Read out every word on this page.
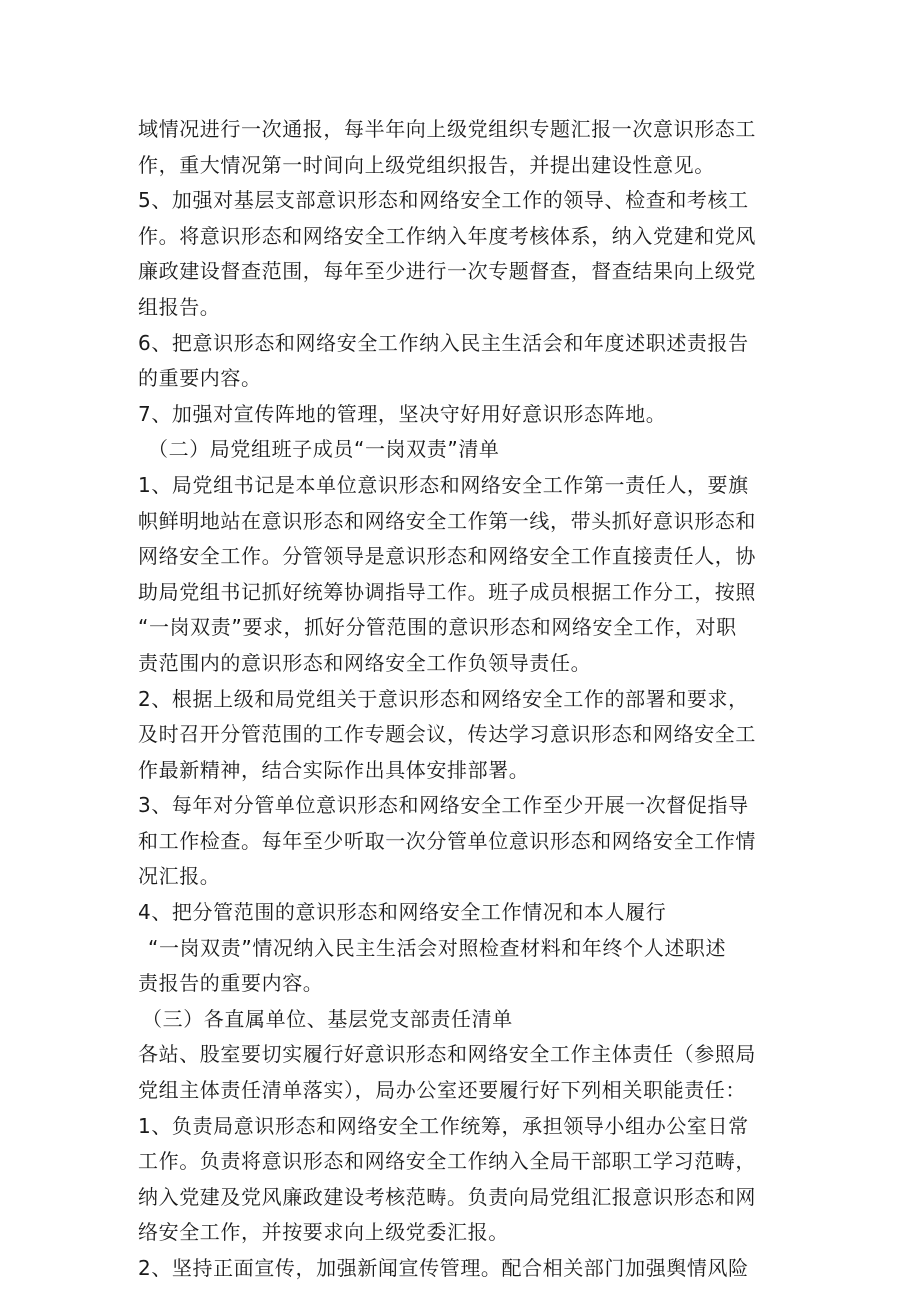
域情况进行一次通报，每半年向上级党组织专题汇报一次意识形态工
作，重大情况第一时间向上级党组织报告，并提出建设性意见。
5、加强对基层支部意识形态和网络安全工作的领导、检查和考核工
作。将意识形态和网络安全工作纳入年度考核体系，纳入党建和党风
廉政建设督查范围，每年至少进行一次专题督查，督查结果向上级党
组报告。
6、把意识形态和网络安全工作纳入民主生活会和年度述职述责报告
的重要内容。
7、加强对宣传阵地的管理，坚决守好用好意识形态阵地。
（二）局党组班子成员“一岗双责”清单
1、局党组书记是本单位意识形态和网络安全工作第一责任人，要旗
帜鲜明地站在意识形态和网络安全工作第一线，带头抓好意识形态和
网络安全工作。分管领导是意识形态和网络安全工作直接责任人，协
助局党组书记抓好统筹协调指导工作。班子成员根据工作分工，按照
“一岗双责”要求，抓好分管范围的意识形态和网络安全工作，对职
责范围内的意识形态和网络安全工作负领导责任。
2、根据上级和局党组关于意识形态和网络安全工作的部署和要求，
及时召开分管范围的工作专题会议，传达学习意识形态和网络安全工
作最新精神，结合实际作出具体安排部署。
3、每年对分管单位意识形态和网络安全工作至少开展一次督促指导
和工作检查。每年至少听取一次分管单位意识形态和网络安全工作情
况汇报。
4、把分管范围的意识形态和网络安全工作情况和本人履行
“一岗双责”情况纳入民主生活会对照检查材料和年终个人述职述
责报告的重要内容。
（三）各直属单位、基层党支部责任清单
各站、股室要切实履行好意识形态和网络安全工作主体责任（参照局
党组主体责任清单落实），局办公室还要履行好下列相关职能责任：
1、负责局意识形态和网络安全工作统筹，承担领导小组办公室日常
工作。负责将意识形态和网络安全工作纳入全局干部职工学习范畴，
纳入党建及党风廉政建设考核范畴。负责向局党组汇报意识形态和网
络安全工作，并按要求向上级党委汇报。
2、坚持正面宣传，加强新闻宣传管理。配合相关部门加强舆情风险
